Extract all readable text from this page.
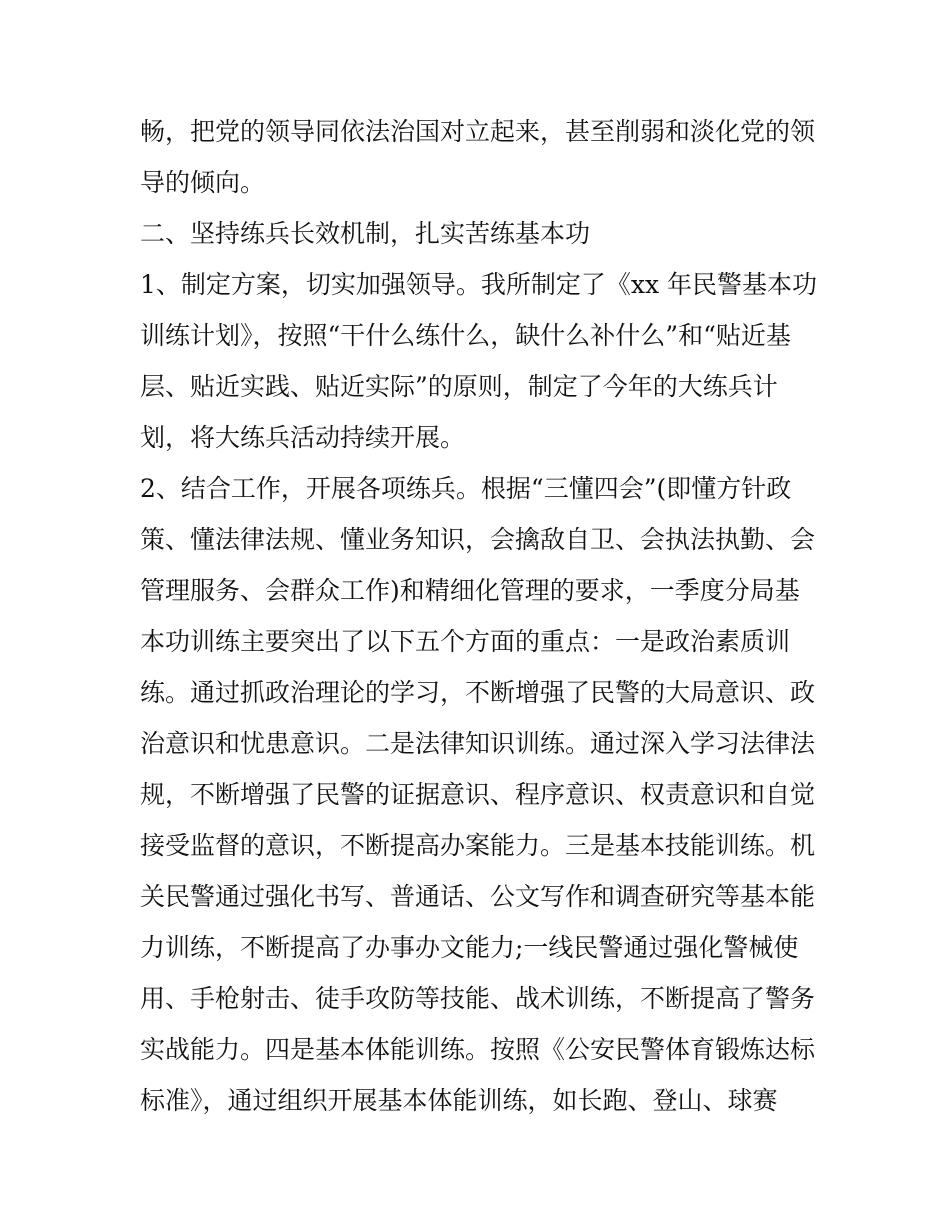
畅，把党的领导同依法治国对立起来，甚至削弱和淡化党的领
导的倾向。
二、坚持练兵长效机制，扎实苦练基本功
1、制定方案，切实加强领导。我所制定了《xx 年民警基本功
训练计划》，按照“干什么练什么，缺什么补什么”和“贴近基
层、贴近实践、贴近实际”的原则，制定了今年的大练兵计
划，将大练兵活动持续开展。
2、结合工作，开展各项练兵。根据“三懂四会”(即懂方针政
策、懂法律法规、懂业务知识，会擒敌自卫、会执法执勤、会
管理服务、会群众工作)和精细化管理的要求，一季度分局基
本功训练主要突出了以下五个方面的重点：一是政治素质训
练。通过抓政治理论的学习，不断增强了民警的大局意识、政
治意识和忧患意识。二是法律知识训练。通过深入学习法律法
规，不断增强了民警的证据意识、程序意识、权责意识和自觉
接受监督的意识，不断提高办案能力。三是基本技能训练。机
关民警通过强化书写、普通话、公文写作和调查研究等基本能
力训练，不断提高了办事办文能力;一线民警通过强化警械使
用、手枪射击、徒手攻防等技能、战术训练，不断提高了警务
实战能力。四是基本体能训练。按照《公安民警体育锻炼达标
标准》，通过组织开展基本体能训练，如长跑、登山、球赛
